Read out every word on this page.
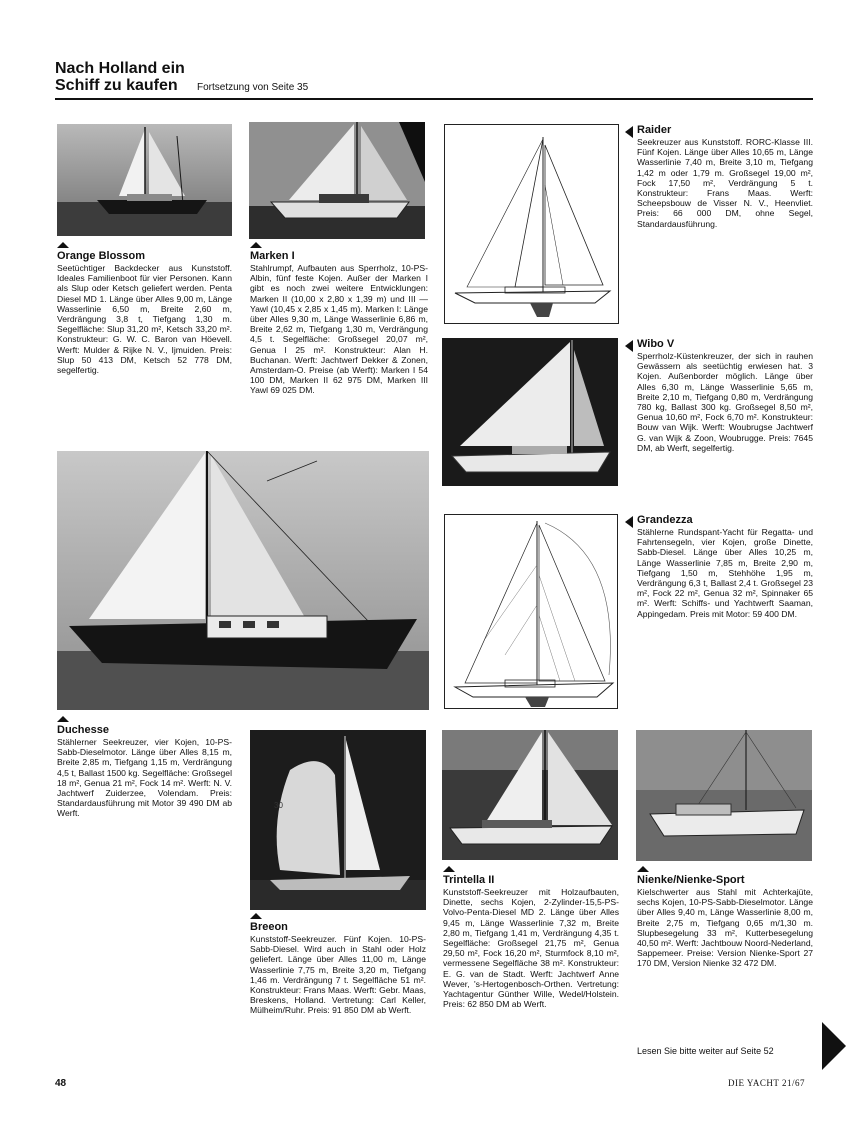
Nach Holland ein
Schiff zu kaufen	Fortsetzung von Seite 35
Orange Blossom
Seetüchtiger Backdecker aus Kunststoff. Ideales Familienboot für vier Personen. Kann als Slup oder Ketsch geliefert werden. Penta Diesel MD 1. Länge über Alles 9,00 m, Länge Wasserlinie 6,50 m, Breite 2,60 m, Verdrängung 3,8 t, Tiefgang 1,30 m. Segelfläche: Slup 31,20 m², Ketsch 33,20 m². Konstrukteur: G. W. C. Baron van Höevell. Werft: Mulder & Rijke N. V., Ijmuiden. Preis: Slup 50 413 DM, Ketsch 52 778 DM, segelfertig.
Marken I
Stahlrumpf, Aufbauten aus Sperrholz, 10-PS-Albin, fünf feste Kojen. Außer der Marken I gibt es noch zwei weitere Entwicklungen: Marken II (10,00 x 2,80 x 1,39 m) und III — Yawl (10,45 x 2,85 x 1,45 m). Marken I: Länge über Alles 9,30 m, Länge Wasserlinie 6,86 m, Breite 2,62 m, Tiefgang 1,30 m, Verdrängung 4,5 t. Segelfläche: Großsegel 20,07 m², Genua I 25 m². Konstrukteur: Alan H. Buchanan. Werft: Jachtwerf Dekker & Zonen, Amsterdam-O. Preise (ab Werft): Marken I 54 100 DM, Marken II 62 975 DM, Marken III Yawl 69 025 DM.
Raider
Seekreuzer aus Kunststoff. RORC-Klasse III. Fünf Kojen. Länge über Alles 10,65 m, Länge Wasserlinie 7,40 m, Breite 3,10 m, Tiefgang 1,42 m oder 1,79 m. Großsegel 19,00 m², Fock 17,50 m², Verdrängung 5 t. Konstrukteur: Frans Maas. Werft: Scheepsbouw de Visser N. V., Heenvliet. Preis: 66 000 DM, ohne Segel, Standardausführung.
Wibo V
Sperrholz-Küstenkreuzer, der sich in rauhen Gewässern als seetüchtig erwiesen hat. 3 Kojen. Außenborder möglich. Länge über Alles 6,30 m, Länge Wasserlinie 5,65 m, Breite 2,10 m, Tiefgang 0,80 m, Verdrängung 780 kg, Ballast 300 kg. Großsegel 8,50 m², Genua 10,60 m², Fock 6,70 m². Konstrukteur: Bouw van Wijk. Werft: Woubrugse Jachtwerf G. van Wijk & Zoon, Woubrugge. Preis: 7645 DM, ab Werft, segelfertig.
Grandezza
Stählerne Rundspant-Yacht für Regatta- und Fahrtensegeln, vier Kojen, große Dinette, Sabb-Diesel. Länge über Alles 10,25 m, Länge Wasserlinie 7,85 m, Breite 2,90 m, Tiefgang 1,50 m, Stehhöhe 1,95 m, Verdrängung 6,3 t, Ballast 2,4 t. Großsegel 23 m², Fock 22 m², Genua 32 m², Spinnaker 65 m². Werft: Schiffs- und Yachtwerft Saaman, Appingedam. Preis mit Motor: 59 400 DM.
Duchesse
Stählerner Seekreuzer, vier Kojen, 10-PS-Sabb-Dieselmotor. Länge über Alles 8,15 m, Breite 2,85 m, Tiefgang 1,15 m, Verdrängung 4,5 t, Ballast 1500 kg. Segelfläche: Großsegel 18 m², Genua 21 m², Fock 14 m². Werft: N. V. Jachtwerf Zuiderzee, Volendam. Preis: Standardausführung mit Motor 39 490 DM ab Werft.
30
Breeon
Kunststoff-Seekreuzer. Fünf Kojen. 10-PS-Sabb-Diesel. Wird auch in Stahl oder Holz geliefert. Länge über Alles 11,00 m, Länge Wasserlinie 7,75 m, Breite 3,20 m, Tiefgang 1,46 m. Verdrängung 7 t. Segelfläche 51 m². Konstrukteur: Frans Maas. Werft: Gebr. Maas, Breskens, Holland. Vertretung: Carl Keller, Mülheim/Ruhr. Preis: 91 850 DM ab Werft.
Trintella II
Kunststoff-Seekreuzer mit Holzaufbauten, Dinette, sechs Kojen, 2-Zylinder-15,5-PS-Volvo-Penta-Diesel MD 2. Länge über Alles 9,45 m, Länge Wasserlinie 7,32 m, Breite 2,80 m, Tiefgang 1,41 m, Verdrängung 4,35 t. Segelfläche: Großsegel 21,75 m², Genua 29,50 m², Fock 16,20 m², Sturmfock 8,10 m², vermessene Segelfläche 38 m². Konstrukteur: E. G. van de Stadt. Werft: Jachtwerf Anne Wever, 's-Hertogenbosch-Orthen. Vertretung: Yachtagentur Günther Wille, Wedel/Holstein. Preis: 62 850 DM ab Werft.
Nienke/Nienke-Sport
Kielschwerter aus Stahl mit Achterkajüte, sechs Kojen, 10-PS-Sabb-Dieselmotor. Länge über Alles 9,40 m, Länge Wasserlinie 8,00 m, Breite 2,75 m, Tiefgang 0,65 m/1,30 m. Slupbesegelung 33 m², Kutterbesegelung 40,50 m². Werft: Jachtbouw Noord-Nederland, Sappemeer. Preise: Version Nienke-Sport 27 170 DM, Version Nienke 32 472 DM.
Lesen Sie bitte weiter auf Seite 52
48	DIE YACHT 21/67
